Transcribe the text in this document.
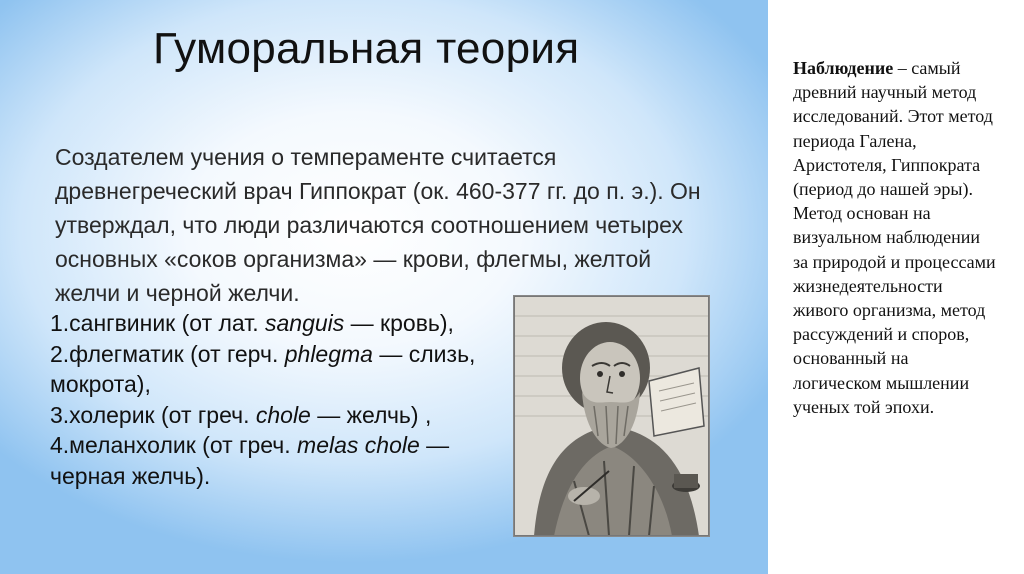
Гуморальная теория

Создателем учения о темпераменте считается древнегреческий врач Гиппократ (ок. 460-377 гг. до п. э.). Он утверждал, что люди различаются соотношением четырех основных «соков организма» — крови, флегмы, желтой желчи и черной желчи.

1.сангвиник (от лат. sanguis — кровь),
2.флегматик (от герч. phlegma — слизь, мокрота),
3.холерик (от греч. chole — желчь) ,
4.меланхолик (от греч. melas chole — черная желчь).

Наблюдение – самый древний научный метод исследований. Этот метод периода Галена, Аристотеля, Гиппократа (период до нашей эры). Метод основан на визуальном наблюдении за природой и процессами жизнедеятельности живого организма, метод рассуждений и споров, основанный на логическом мышлении ученых той эпохи.
